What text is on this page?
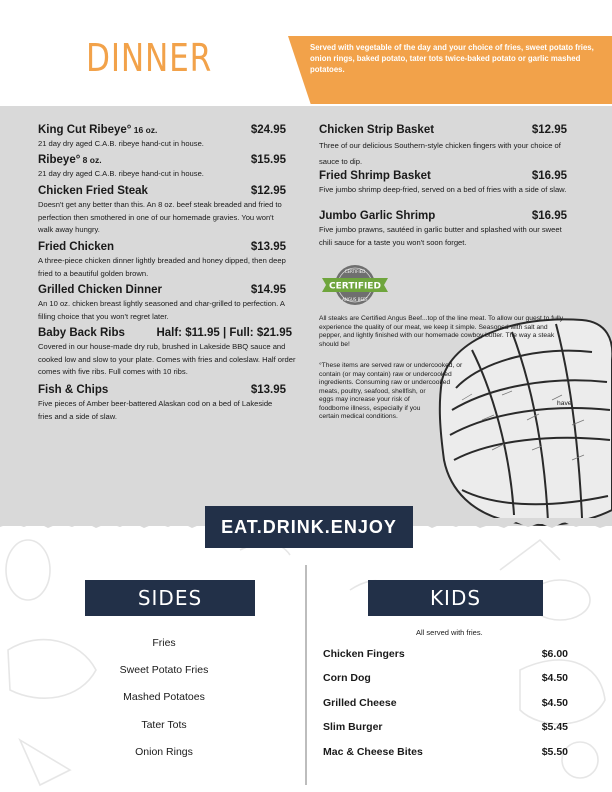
DINNER	Served with vegetable of the day and your choice of fries, sweet potato fries, onion rings, baked potato, tater tots twice-baked potato or garlic mashed potatoes.
King Cut Ribeye° 16 oz.	$24.95
21 day dry aged C.A.B. ribeye hand-cut in house.
Ribeye° 8 oz.	$15.95
21 day dry aged C.A.B. ribeye hand-cut in house.
Chicken Fried Steak	$12.95
Doesn't get any better than this. An 8 oz. beef steak breaded and fried to perfection then smothered in one of our homemade gravies. You won't walk away hungry.
Fried Chicken	$13.95
A three-piece chicken dinner lightly breaded and honey dipped, then deep fried to a beautiful golden brown.
Grilled Chicken Dinner	$14.95
An 10 oz. chicken breast lightly seasoned and char-grilled to perfection. A filling choice that you won't regret later.
Baby Back Ribs	Half: $11.95 | Full: $21.95
Covered in our house-made dry rub, brushed in Lakeside BBQ sauce and cooked low and slow to your plate. Comes with fries and coleslaw. Half order comes with five ribs. Full comes with 10 ribs.
Fish & Chips	$13.95
Five pieces of Amber beer-battered Alaskan cod on a bed of Lakeside fries and a side of slaw.
Chicken Strip Basket	$12.95
Three of our delicious Southern-style chicken fingers with your choice of sauce to dip.
Fried Shrimp Basket	$16.95
Five jumbo shrimp deep-fried, served on a bed of fries with a side of slaw.
Jumbo Garlic Shrimp	$16.95
Five jumbo prawns, sautéed in garlic butter and splashed with our sweet chili sauce for a taste you won't soon forget.
CERTIFIED
CERTIFIED
ANGUS BEEF
All steaks are Certified Angus Beef...top of the line meat. To allow our guest to fully experience the quality of our meat, we keep it simple. Seasoned with salt and pepper, and lightly finished with our homemade cowboy butter. The way a steak should be!
°These items are served raw or undercooked, or
contain (or may contain) raw or undercooked
ingredients. Consuming raw or undercooked
meats, poultry, seafood, shellfish, or
eggs may increase your risk of
foodborne illness, especially if you
have
certain medical conditions.
EAT.DRINK.ENJOY
SIDES
Fries
Sweet Potato Fries
Mashed Potatoes
Tater Tots
Onion Rings
KIDS
All served with fries.
Chicken Fingers	$6.00
Corn Dog	$4.50
Grilled Cheese	$4.50
Slim Burger	$5.45
Mac & Cheese Bites	$5.50
